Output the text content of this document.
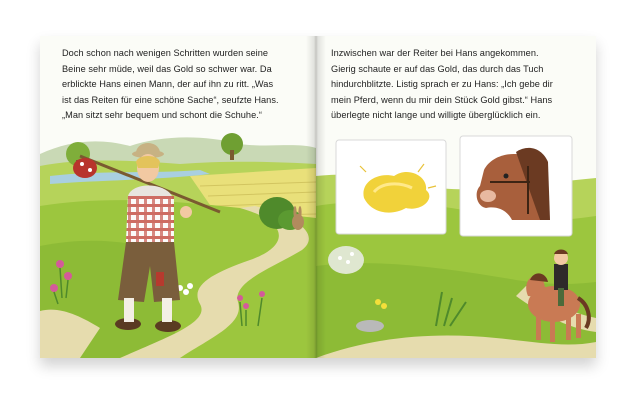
Doch schon nach wenigen Schritten wurden seine
Beine sehr müde, weil das Gold so schwer war. Da
erblickte Hans einen Mann, der auf ihn zu ritt. „Was
ist das Reiten für eine schöne Sache“, seufzte Hans.
„Man sitzt sehr bequem und schont die Schuhe.“
Inzwischen war der Reiter bei Hans angekommen.
Gierig schaute er auf das Gold, das durch das Tuch
hindurchblitzte. Listig sprach er zu Hans: „Ich gebe dir
mein Pferd, wenn du mir dein Stück Gold gibst.“ Hans
überlegte nicht lange und willigte überglücklich ein.
